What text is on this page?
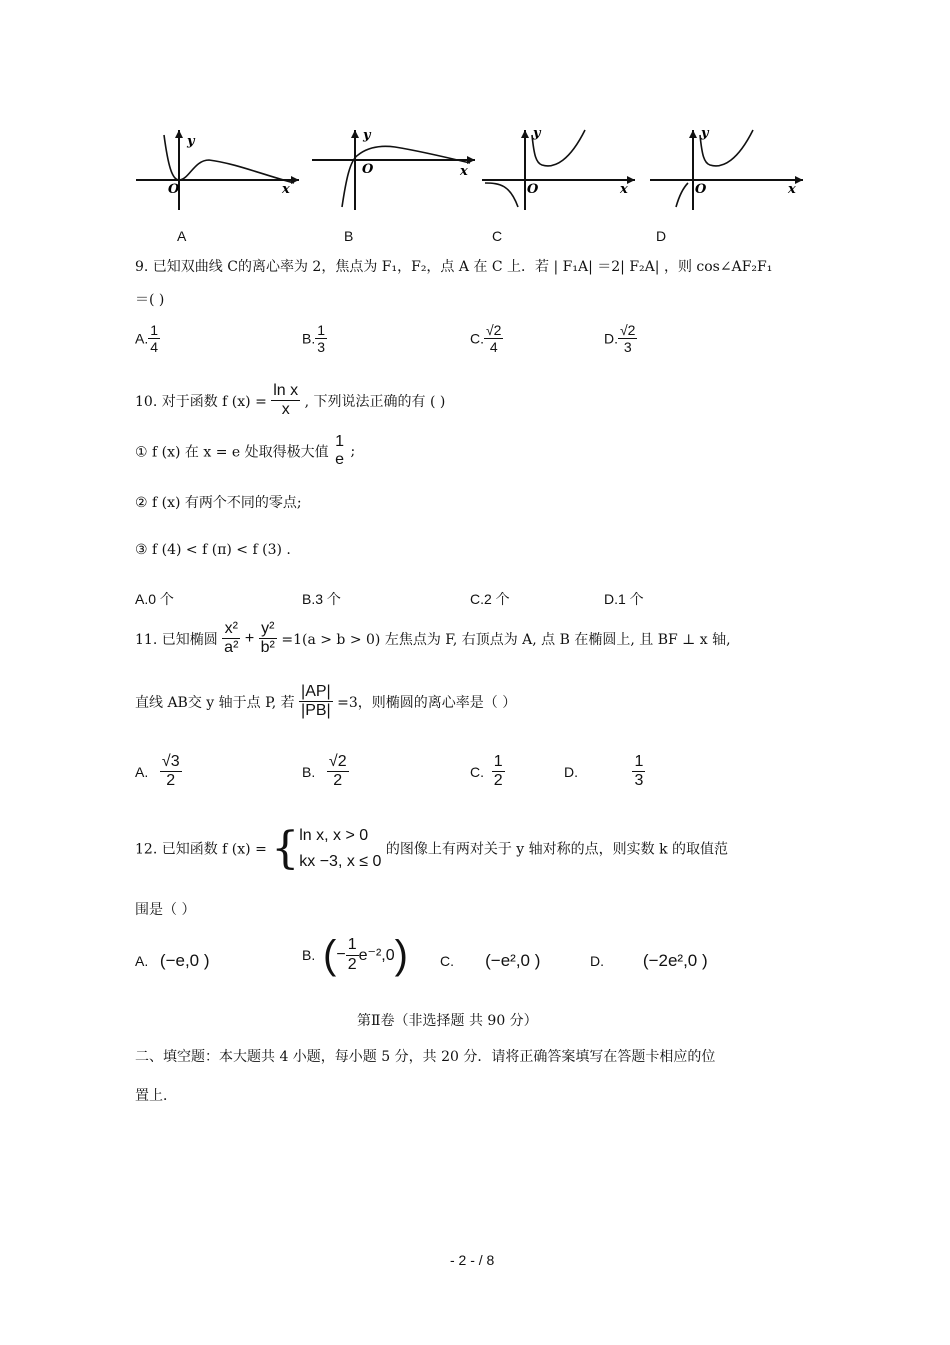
y
x
O
A
y
x
O
B
y
x
O
C
y
x
O
D
9. 已知双曲线 C的离心率为 2，焦点为 F₁，F₂，点 A 在 C 上．若 | F₁A| ＝2| F₂A| ，则 cos∠AF₂F₁
＝( )
A. $\frac{1}{4}$	B. $\frac{1}{3}$	C. $\frac{√2}{4}$	D. $\frac{√2}{3}$
10. 对于函数 f $(x) = \frac{\text{ln x}}{x}$ , 下列说法正确的有 ( )
① f (x) 在 x = e 处取得极大值
1
e ;
② f (x) 有两个不同的零点;
③ f (4) < f (π) < f (3) .
A.0 个	B.3 个	C.2 个	D.1 个
11. 已知椭圆 $\frac{\text{x²}}{\text{a²}} + \frac{\text{y²}}{\text{b²}} =1(a > b > 0)$ 左焦点为 F, 右顶点为 A, 点 B 在椭圆上, 且 BF ⊥ x 轴,
直线 AB交 y 轴于点 P, 若 $\frac{|AP|}{|PB|} =3$，则椭圆的离心率是（ ）
A. $\frac{√3}{2}$	B. $\frac{√2}{2}$	C. $\frac{1}{2}$	D.	$\frac{1}{3}$
12. 已知函数 f (x) = { ln x, x > 0
kx −3, x ≤ 0
的图像上有两对关于 y 轴对称的点，则实数 k 的取值范
围是（ ）
A. (−e,0 )	B. (− $\frac{1}{2} e^{-2},0$) C. (−e²,0 )	D. (−2e²,0 )
第Ⅱ卷（非选择题 共 90 分）
二、填空题：本大题共 4 小题，每小题 5 分，共 20 分．请将正确答案填写在答题卡相应的位
置上．
- 2 - / 8
